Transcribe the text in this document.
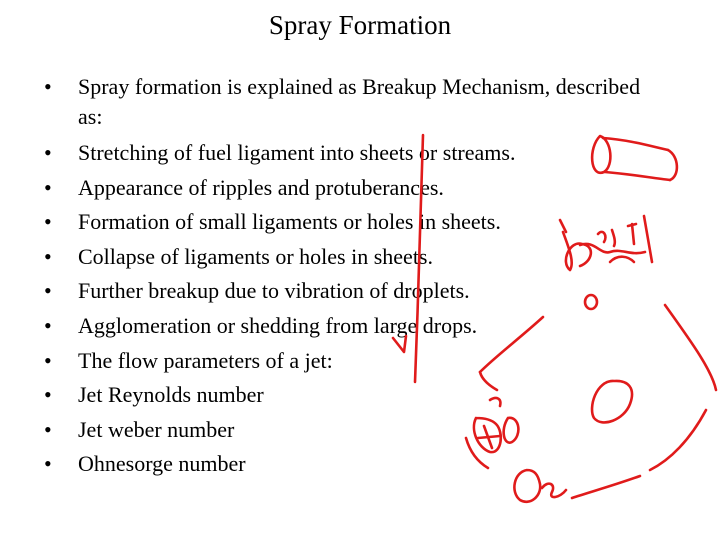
Spray Formation
• Spray formation is explained as Breakup Mechanism, described as:
• Stretching of fuel ligament into sheets or streams.
• Appearance of ripples and protuberances.
• Formation of small ligaments or holes in sheets.
• Collapse of ligaments or holes in sheets.
• Further breakup due to vibration of droplets.
• Agglomeration or shedding from large drops.
• The flow parameters of a jet:
• Jet Reynolds number
• Jet weber number
• Ohnesorge number
